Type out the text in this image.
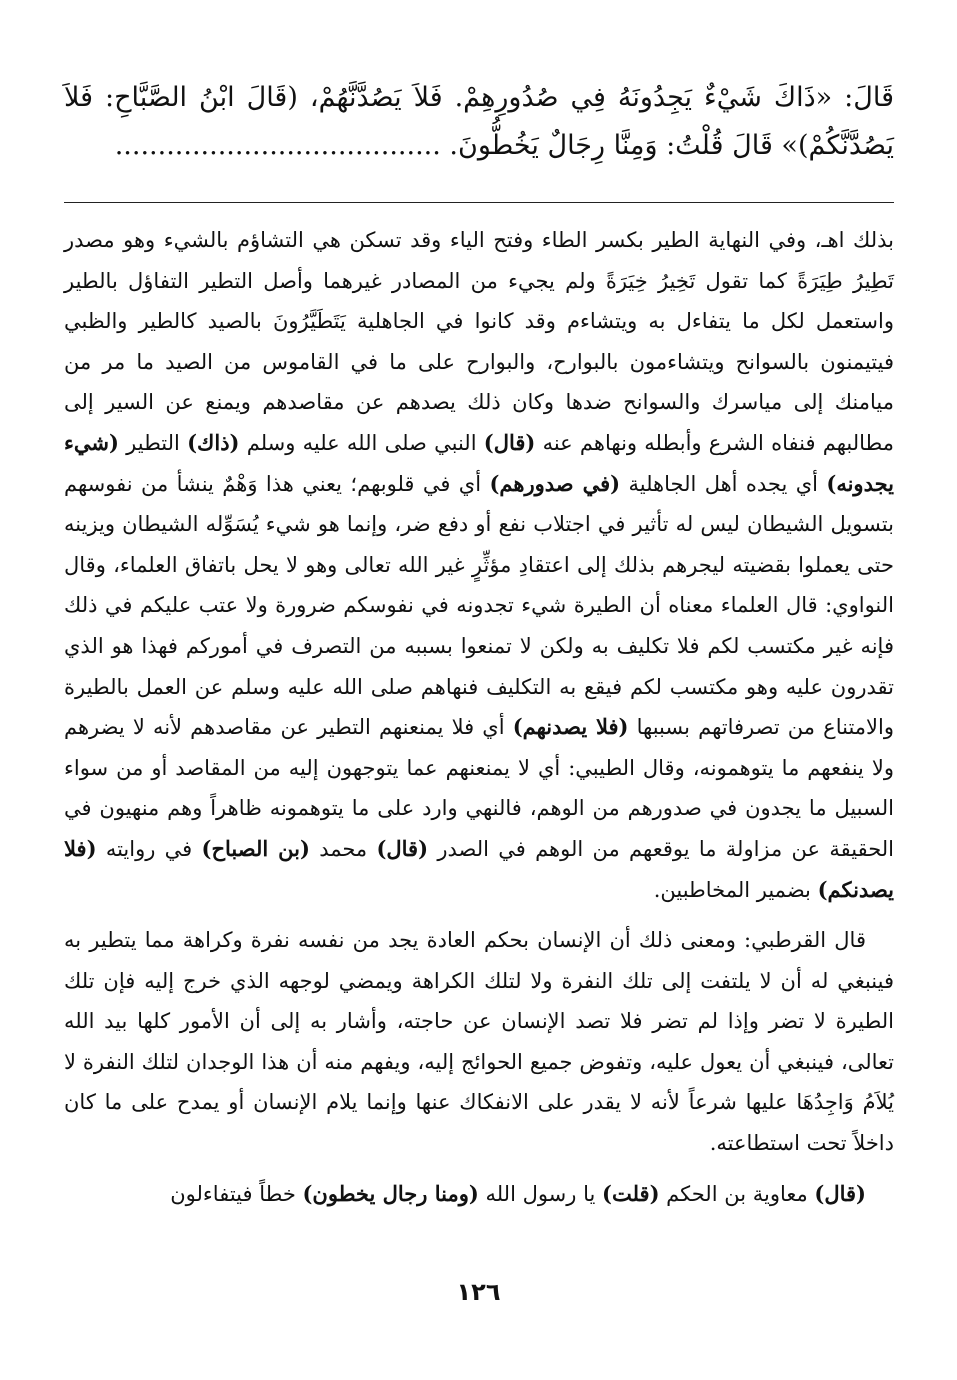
قَالَ: «ذَاكَ شَيْءٌ يَجِدُونَهُ فِي صُدُورِهِمْ. فَلاَ يَصُدَّنَّهُمْ، (قَالَ ابْنُ الصَّبَّاحِ: فَلاَ يَصُدَّنَّكُمْ)» قَالَ قُلْتُ: وَمِنَّا رِجَالٌ يَخُطُّونَ. ......................................

بذلك اهـ، وفي النهاية الطير بكسر الطاء وفتح الياء وقد تسكن هي التشاؤم بالشيء وهو مصدر تَطِيرُ طِيَرَةً كما تقول تَخِيرُ خِيَرَةً ولم يجيء من المصادر غيرهما وأصل التطير التفاؤل بالطير واستعمل لكل ما يتفاءل به ويتشاءم وقد كانوا في الجاهلية يَتَطَيَّرُونَ بالصيد كالطير والظبي فيتيمنون بالسوانح ويتشاءمون بالبوارح، والبوارح على ما في القاموس من الصيد ما مر من ميامنك إلى مياسرك والسوانح ضدها وكان ذلك يصدهم عن مقاصدهم ويمنع عن السير إلى مطالبهم فنفاه الشرع وأبطله ونهاهم عنه (قال) النبي صلى الله عليه وسلم (ذاك) التطير (شيء يجدونه) أي يجده أهل الجاهلية (في صدورهم) أي في قلوبهم؛ يعني هذا وَهْمٌ ينشأ من نفوسهم بتسويل الشيطان ليس له تأثير في اجتلاب نفع أو دفع ضر، وإنما هو شيء يُسَوِّله الشيطان ويزينه حتى يعملوا بقضيته ليجرهم بذلك إلى اعتقادِ مؤثِّرٍ غير الله تعالى وهو لا يحل باتفاق العلماء، وقال النواوي: قال العلماء معناه أن الطيرة شيء تجدونه في نفوسكم ضرورة ولا عتب عليكم في ذلك فإنه غير مكتسب لكم فلا تكليف به ولكن لا تمنعوا بسببه من التصرف في أموركم فهذا هو الذي تقدرون عليه وهو مكتسب لكم فيقع به التكليف فنهاهم صلى الله عليه وسلم عن العمل بالطيرة والامتناع من تصرفاتهم بسببها (فلا يصدنهم) أي فلا يمنعنهم التطير عن مقاصدهم لأنه لا يضرهم ولا ينفعهم ما يتوهمونه، وقال الطيبي: أي لا يمنعنهم عما يتوجهون إليه من المقاصد أو من سواء السبيل ما يجدون في صدورهم من الوهم، فالنهي وارد على ما يتوهمونه ظاهراً وهم منهيون في الحقيقة عن مزاولة ما يوقعهم من الوهم في الصدر (قال) محمد (بن الصباح) في روايته (فلا يصدنكم) بضمير المخاطبين.

قال القرطبي: ومعنى ذلك أن الإنسان بحكم العادة يجد من نفسه نفرة وكراهة مما يتطير به فينبغي له أن لا يلتفت إلى تلك النفرة ولا لتلك الكراهة ويمضي لوجهه الذي خرج إليه فإن تلك الطيرة لا تضر وإذا لم تضر فلا تصد الإنسان عن حاجته، وأشار به إلى أن الأمور كلها بيد الله تعالى، فينبغي أن يعول عليه، وتفوض جميع الحوائج إليه، ويفهم منه أن هذا الوجدان لتلك النفرة لا يُلاَمُ وَاجِدُهَا عليها شرعاً لأنه لا يقدر على الانفكاك عنها وإنما يلام الإنسان أو يمدح على ما كان داخلاً تحت استطاعته.

(قال) معاوية بن الحكم (قلت) يا رسول الله (ومنا رجال يخطون) خطاً فيتفاءلون

١٢٦
